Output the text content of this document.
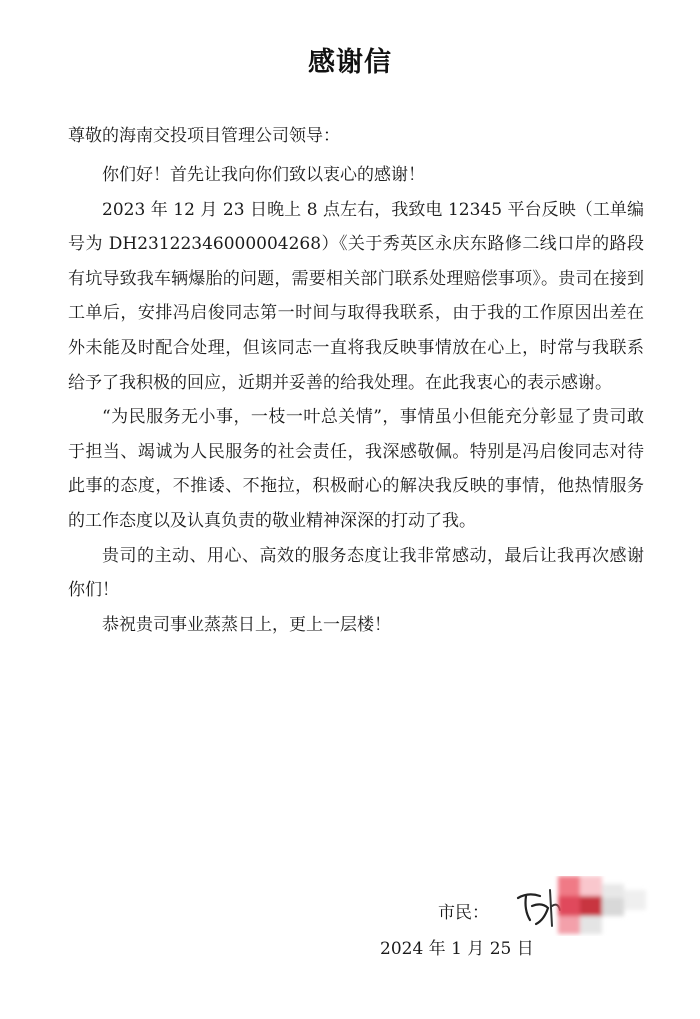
感谢信
尊敬的海南交投项目管理公司领导：

你们好！首先让我向你们致以衷心的感谢！

2023 年 12 月 23 日晚上 8 点左右，我致电 12345 平台反映（工单编号为 DH2312234600000426​8）《关于秀英区永庆东路修二线口岸的路段有坑导致我车辆爆胎的问题，需要相关部门联系处理赔偿事项》。贵司在接到工单后，安排冯启俊同志第一时间与取得我联系，由于我的工作原因出差在外未能及时配合处理，但该同志一直将我反映事情放在心上，时常与我联系给予了我积极的回应，近期并妥善的给我处理。在此我衷心的表示感谢。

“为民服务无小事，一枝一叶总关情”，事情虽小但能充分彰显了贵司敢于担当、竭诚为人民服务的社会责任，我深感敬佩。特别是冯启俊同志对待此事的态度，不推诿、不拖拉，积极耐心的解决我反映的事情，他热情服务的工作态度以及认真负责的敬业精神深深的打动了我。

贵司的主动、用心、高效的服务态度让我非常感动，最后让我再次感谢你们！

恭祝贵司事业蒸蒸日上，更上一层楼！

市民：
2024 年 1 月 25 日
